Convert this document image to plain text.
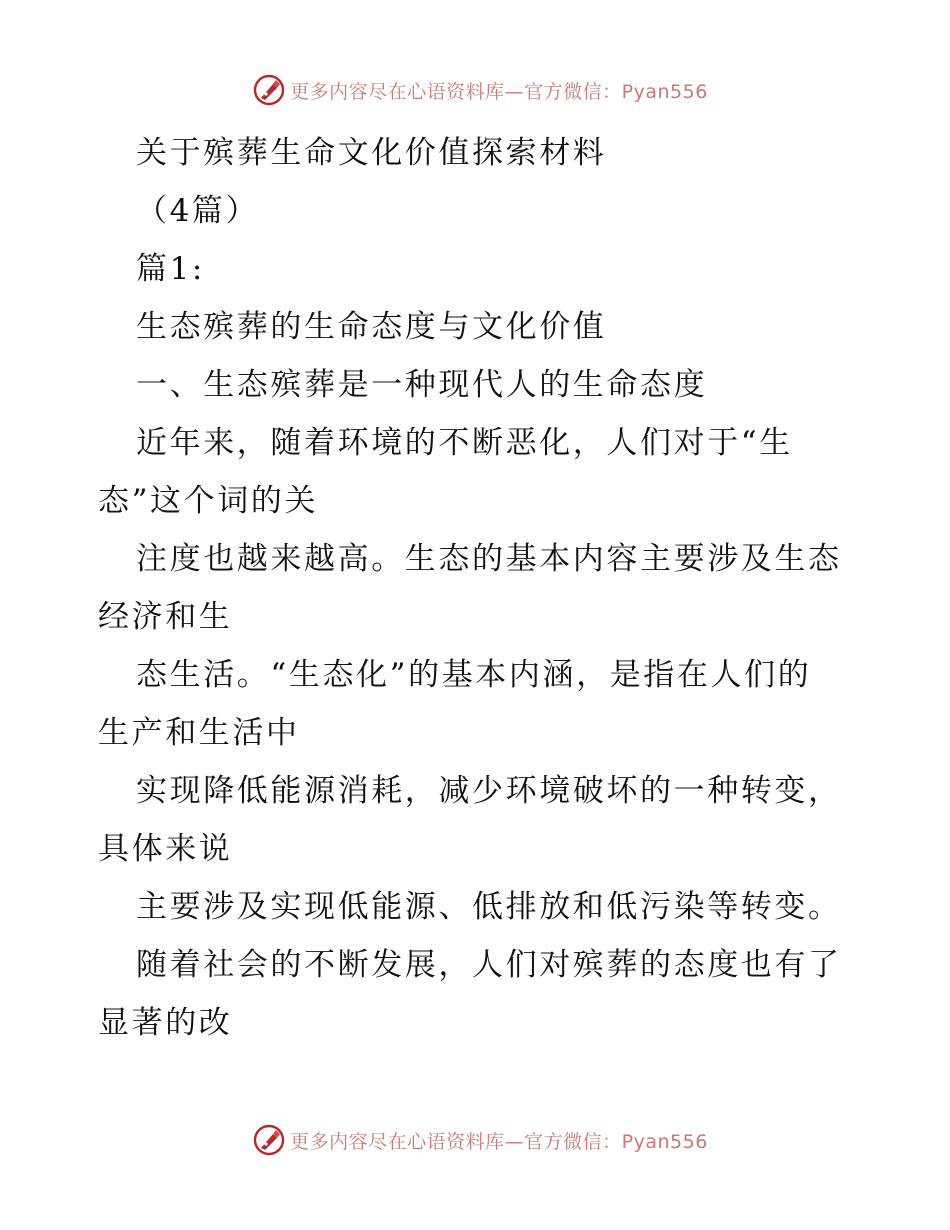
更多内容尽在心语资料库—官方微信：Pyan556
关于殡葬生命文化价值探索材料
（4篇）
篇1:
生态殡葬的生命态度与文化价值
一、生态殡葬是一种现代人的生命态度
近年来，随着环境的不断恶化，人们对于“生
态”这个词的关
注度也越来越高。生态的基本内容主要涉及生态
经济和生
态生活。“生态化”的基本内涵，是指在人们的
生产和生活中
实现降低能源消耗，减少环境破坏的一种转变，
具体来说
主要涉及实现低能源、低排放和低污染等转变。
随着社会的不断发展，人们对殡葬的态度也有了
显著的改
更多内容尽在心语资料库—官方微信：Pyan556
